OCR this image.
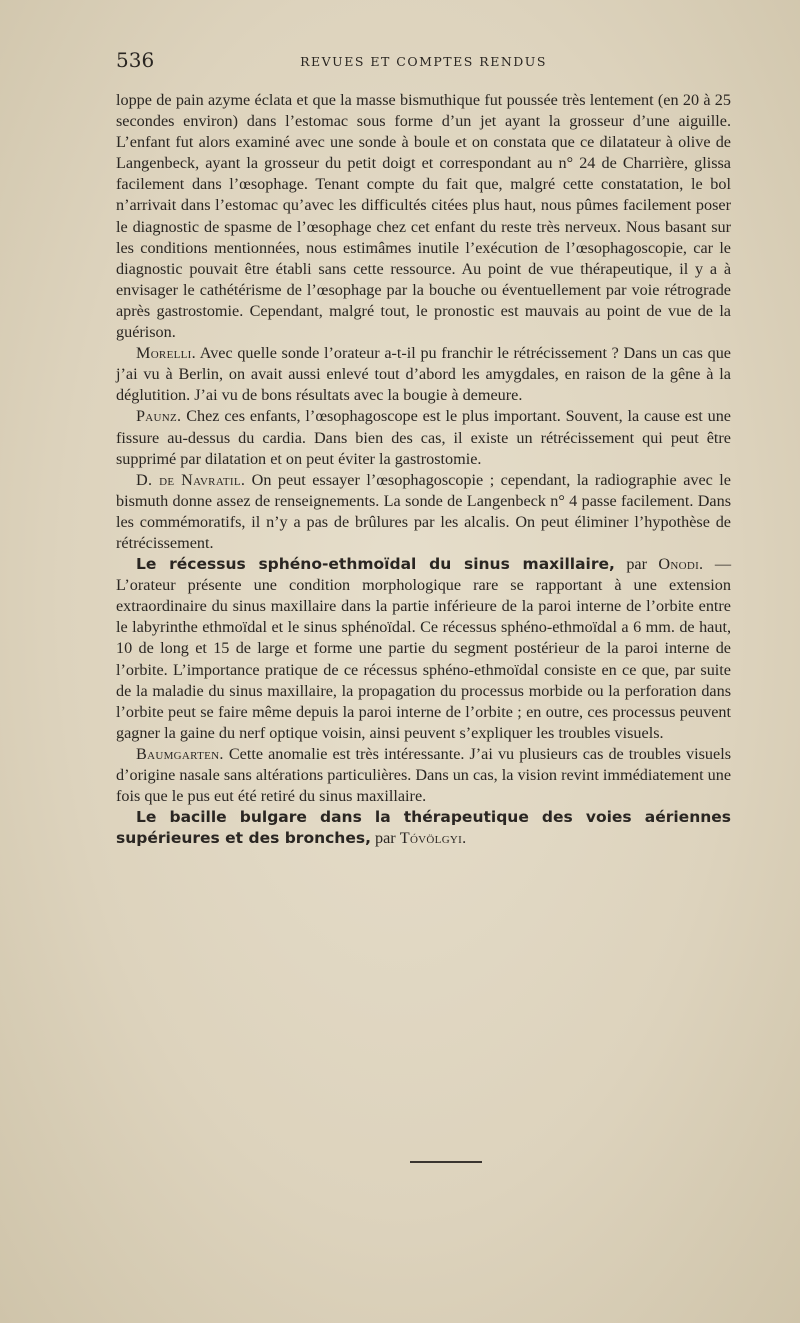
536	REVUES ET COMPTES RENDUS

loppe de pain azyme éclata et que la masse bismuthique fut poussée très lentement (en 20 à 25 secondes environ) dans l’estomac sous forme d’un jet ayant la grosseur d’une aiguille. L’enfant fut alors examiné avec une sonde à boule et on constata que ce dilatateur à olive de Langenbeck, ayant la grosseur du petit doigt et correspondant au n° 24 de Charrière, glissa facilement dans l’œsophage. Tenant compte du fait que, malgré cette constatation, le bol n’arrivait dans l’estomac qu’avec les difficultés citées plus haut, nous pûmes facilement poser le diagnostic de spasme de l’œsophage chez cet enfant du reste très nerveux. Nous basant sur les conditions mentionnées, nous estimâmes inutile l’exécution de l’œsophagoscopie, car le diagnostic pouvait être établi sans cette ressource. Au point de vue thérapeutique, il y a à envisager le cathétérisme de l’œsophage par la bouche ou éventuellement par voie rétrograde après gastrostomie. Cependant, malgré tout, le pronostic est mauvais au point de vue de la guérison.

Morelli. Avec quelle sonde l’orateur a-t-il pu franchir le rétrécissement ? Dans un cas que j’ai vu à Berlin, on avait aussi enlevé tout d’abord les amygdales, en raison de la gêne à la déglutition. J’ai vu de bons résultats avec la bougie à demeure.

Paunz. Chez ces enfants, l’œsophagoscope est le plus important. Souvent, la cause est une fissure au-dessus du cardia. Dans bien des cas, il existe un rétrécissement qui peut être supprimé par dilatation et on peut éviter la gastrostomie.

D. de Navratil. On peut essayer l’œsophagoscopie ; cependant, la radiographie avec le bismuth donne assez de renseignements. La sonde de Langenbeck n° 4 passe facilement. Dans les commémoratifs, il n’y a pas de brûlures par les alcalis. On peut éliminer l’hypothèse de rétrécissement.

Le récessus sphéno-ethmoïdal du sinus maxillaire, par Onodi. — L’orateur présente une condition morphologique rare se rapportant à une extension extraordinaire du sinus maxillaire dans la partie inférieure de la paroi interne de l’orbite entre le labyrinthe ethmoïdal et le sinus sphénoïdal. Ce récessus sphéno-ethmoïdal a 6 mm. de haut, 10 de long et 15 de large et forme une partie du segment postérieur de la paroi interne de l’orbite. L’importance pratique de ce récessus sphéno-ethmoïdal consiste en ce que, par suite de la maladie du sinus maxillaire, la propagation du processus morbide ou la perforation dans l’orbite peut se faire même depuis la paroi interne de l’orbite ; en outre, ces processus peuvent gagner la gaine du nerf optique voisin, ainsi peuvent s’expliquer les troubles visuels.

Baumgarten. Cette anomalie est très intéressante. J’ai vu plusieurs cas de troubles visuels d’origine nasale sans altérations particulières. Dans un cas, la vision revint immédiatement une fois que le pus eut été retiré du sinus maxillaire.

Le bacille bulgare dans la thérapeutique des voies aériennes supérieures et des bronches, par Tóvölgyi.
